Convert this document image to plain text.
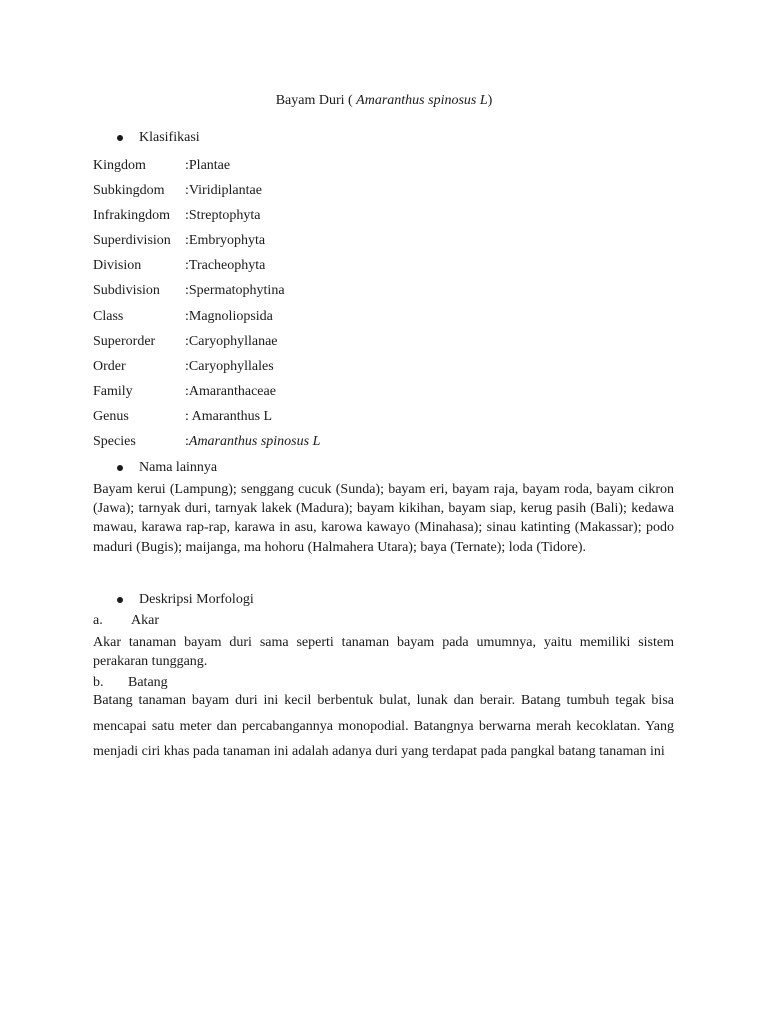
Bayam Duri ( Amaranthus spinosus L)
Klasifikasi
Kingdom	:Plantae
Subkingdom :Viridiplantae
Infrakingdom :Streptophyta
Superdivision :Embryophyta
Division	:Tracheophyta
Subdivision :Spermatophytina
Class	:Magnoliopsida
Superorder :Caryophyllanae
Order	:Caryophyllales
Family	:Amaranthaceae
Genus	: Amaranthus L
Species	:Amaranthus spinosus L
Nama lainnya
Bayam kerui (Lampung); senggang cucuk (Sunda); bayam eri, bayam raja, bayam roda, bayam cikron (Jawa); tarnyak duri, tarnyak lakek (Madura); bayam kikihan, bayam siap, kerug pasih (Bali); kedawa mawau, karawa rap-rap, karawa in asu, karowa kawayo (Minahasa); sinau katinting (Makassar); podo maduri (Bugis); maijanga, ma hohoru (Halmahera Utara); baya (Ternate); loda (Tidore).
Deskripsi Morfologi
a. Akar
Akar tanaman bayam duri sama seperti tanaman bayam pada umumnya, yaitu memiliki sistem perakaran tunggang.
b. Batang
Batang tanaman bayam duri ini kecil berbentuk bulat, lunak dan berair. Batang tumbuh tegak bisa mencapai satu meter dan percabangannya monopodial. Batangnya berwarna merah kecoklatan. Yang menjadi ciri khas pada tanaman ini adalah adanya duri yang terdapat pada pangkal batang tanaman ini
